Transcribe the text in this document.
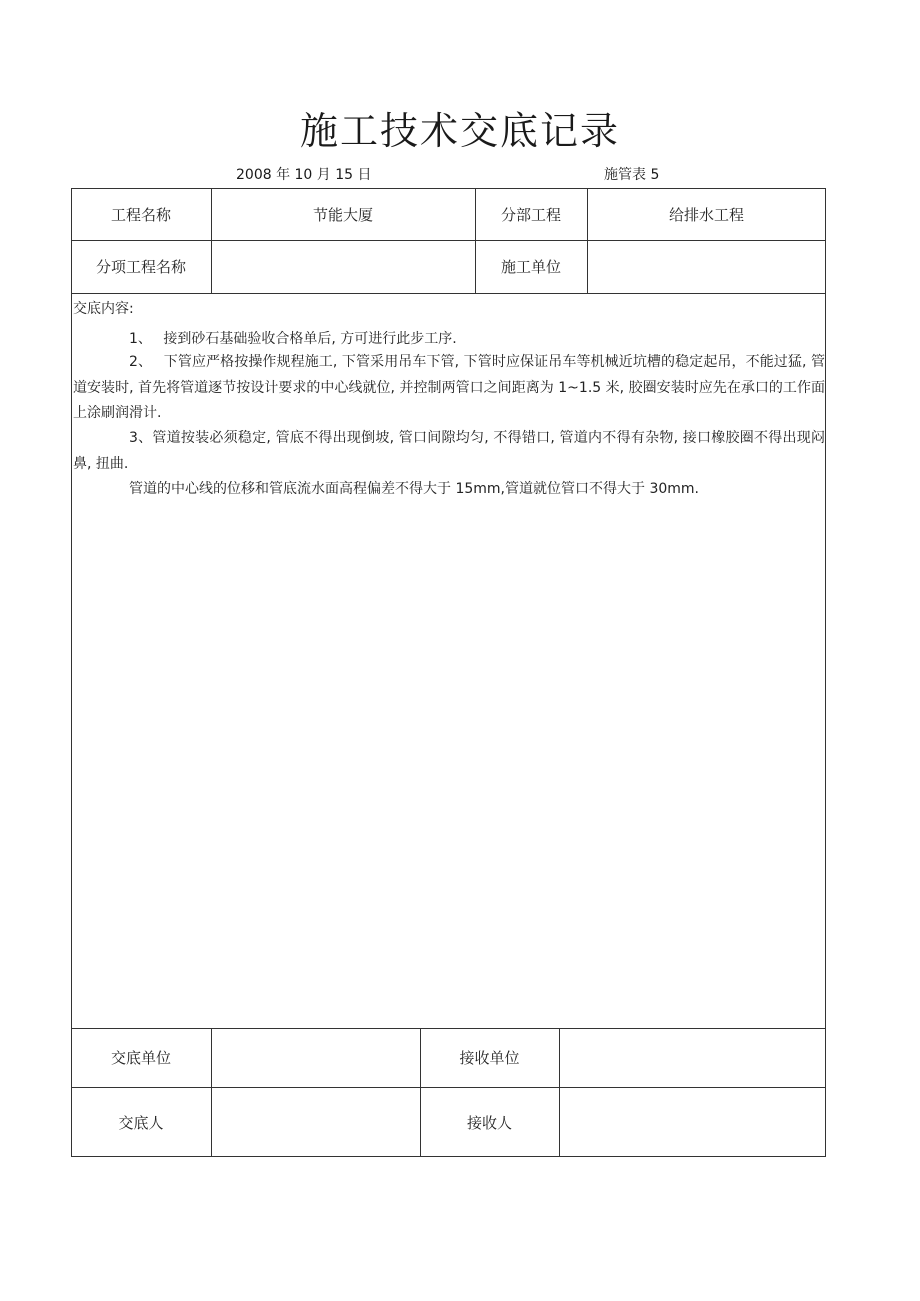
施工技术交底记录
2008 年 10 月 15 日	施管表 5
工程名称	节能大厦	分部工程	给排水工程
分项工程名称	施工单位
交底内容:
1、　 接到砂石基础验收合格单后, 方可进行此步工序.
2、　 下管应严格按操作规程施工, 下管采用吊车下管, 下管时应保证吊车等机械近坑槽的稳定起吊，不能过猛, 管道安装时, 首先将管道逐节按设计要求的中心线就位, 并控制两管口之间距离为 1~1.5 米, 胶圈安装时应先在承口的工作面上涂刷润滑计.
3、管道按装必须稳定, 管底不得出现倒坡, 管口间隙均匀, 不得错口, 管道内不得有杂物, 接口橡胶圈不得出现闷鼻, 扭曲.
管道的中心线的位移和管底流水面高程偏差不得大于 15mm,管道就位管口不得大于 30mm.
交底单位	接收单位
交底人	接收人
